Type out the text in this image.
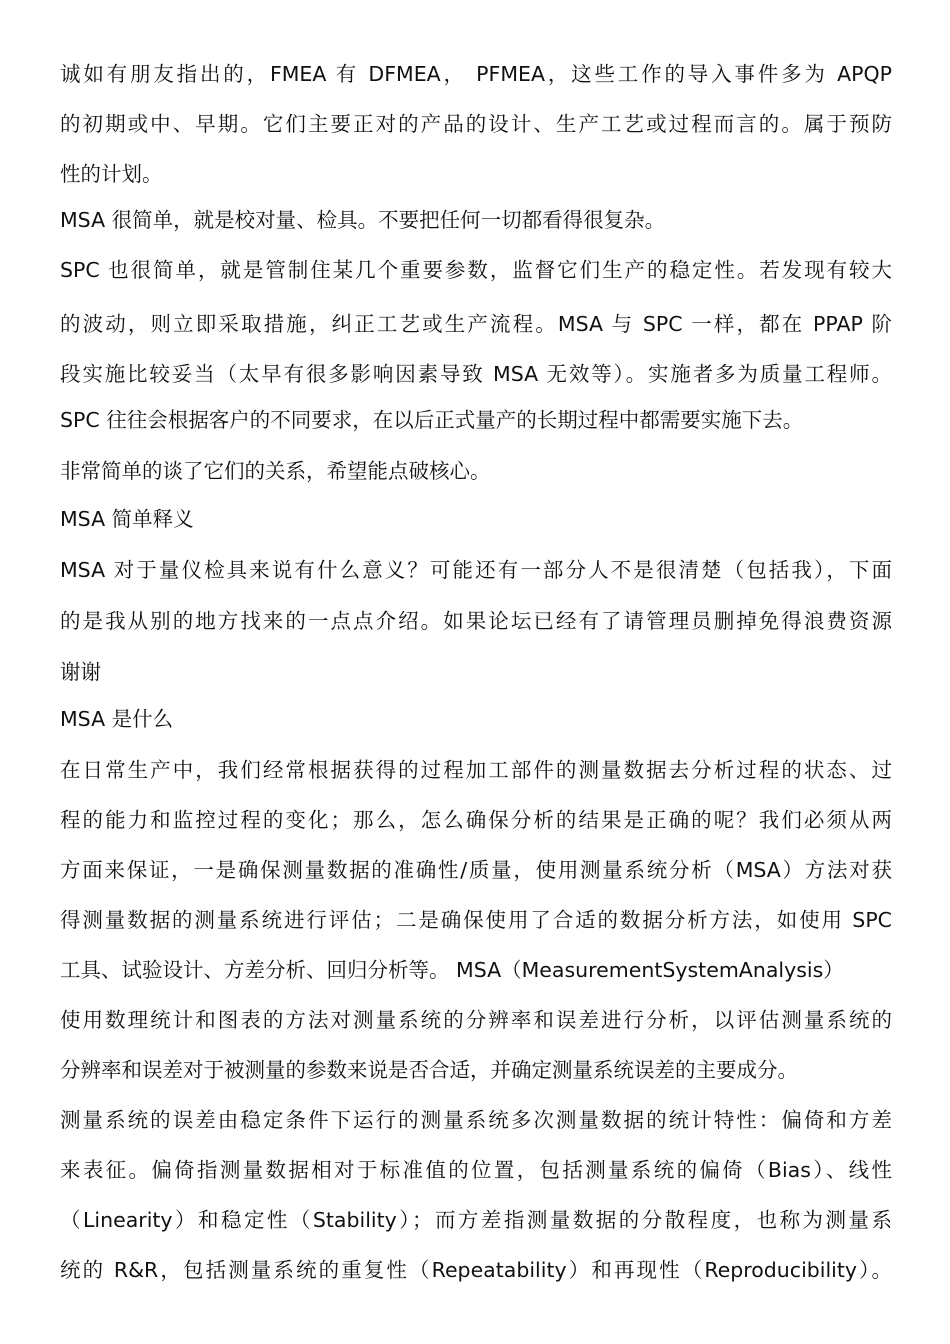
诚如有朋友指出的，FMEA 有 DFMEA， PFMEA，这些工作的导入事件多为 APQP
的初期或中、早期。它们主要正对的产品的设计、生产工艺或过程而言的。属于预防
性的计划。
MSA 很简单，就是校对量、检具。不要把任何一切都看得很复杂。
SPC 也很简单，就是管制住某几个重要参数，监督它们生产的稳定性。若发现有较大
的波动，则立即采取措施，纠正工艺或生产流程。MSA 与 SPC 一样，都在 PPAP 阶
段实施比较妥当（太早有很多影响因素导致 MSA 无效等）。实施者多为质量工程师。
SPC 往往会根据客户的不同要求，在以后正式量产的长期过程中都需要实施下去。
非常简单的谈了它们的关系，希望能点破核心。
MSA 简单释义
MSA 对于量仪检具来说有什么意义？可能还有一部分人不是很清楚（包括我），下面
的是我从别的地方找来的一点点介绍。如果论坛已经有了请管理员删掉免得浪费资源
谢谢
MSA 是什么
在日常生产中，我们经常根据获得的过程加工部件的测量数据去分析过程的状态、过
程的能力和监控过程的变化；那么，怎么确保分析的结果是正确的呢？我们必须从两
方面来保证，一是确保测量数据的准确性/质量，使用测量系统分析（MSA）方法对获
得测量数据的测量系统进行评估；二是确保使用了合适的数据分析方法，如使用 SPC
工具、试验设计、方差分析、回归分析等。 MSA（MeasurementSystemAnalysis）
使用数理统计和图表的方法对测量系统的分辨率和误差进行分析，以评估测量系统的
分辨率和误差对于被测量的参数来说是否合适，并确定测量系统误差的主要成分。
测量系统的误差由稳定条件下运行的测量系统多次测量数据的统计特性：偏倚和方差
来表征。偏倚指测量数据相对于标准值的位置，包括测量系统的偏倚（Bias）、线性
（Linearity）和稳定性（Stability）；而方差指测量数据的分散程度，也称为测量系
统的 R&R，包括测量系统的重复性（Repeatability）和再现性（Reproducibility）。
